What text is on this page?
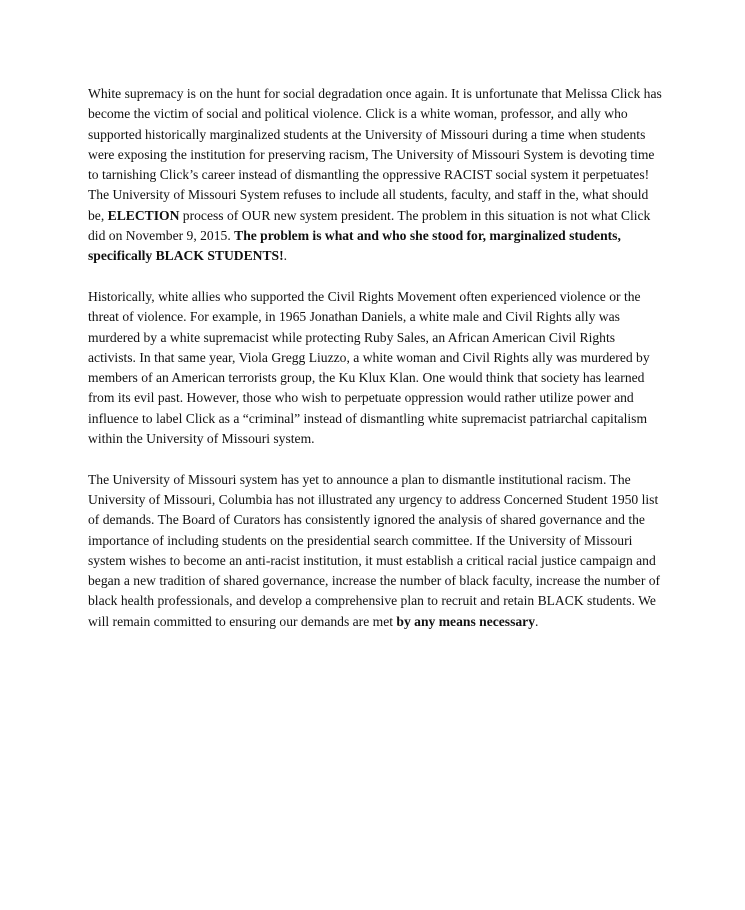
White supremacy is on the hunt for social degradation once again. It is unfortunate that Melissa Click has become the victim of social and political violence. Click is a white woman, professor, and ally who supported historically marginalized students at the University of Missouri during a time when students were exposing the institution for preserving racism, The University of Missouri System is devoting time to tarnishing Click’s career instead of dismantling the oppressive RACIST social system it perpetuates! The University of Missouri System refuses to include all students, faculty, and staff in the, what should be, ELECTION process of OUR new system president. The problem in this situation is not what Click did on November 9, 2015. The problem is what and who she stood for, marginalized students, specifically BLACK STUDENTS!.

Historically, white allies who supported the Civil Rights Movement often experienced violence or the threat of violence. For example, in 1965 Jonathan Daniels, a white male and Civil Rights ally was murdered by a white supremacist while protecting Ruby Sales, an African American Civil Rights activists. In that same year, Viola Gregg Liuzzo, a white woman and Civil Rights ally was murdered by members of an American terrorists group, the Ku Klux Klan. One would think that society has learned from its evil past. However, those who wish to perpetuate oppression would rather utilize power and influence to label Click as a “criminal” instead of dismantling white supremacist patriarchal capitalism within the University of Missouri system.

The University of Missouri system has yet to announce a plan to dismantle institutional racism. The University of Missouri, Columbia has not illustrated any urgency to address Concerned Student 1950 list of demands. The Board of Curators has consistently ignored the analysis of shared governance and the importance of including students on the presidential search committee. If the University of Missouri system wishes to become an anti-racist institution, it must establish a critical racial justice campaign and began a new tradition of shared governance, increase the number of black faculty, increase the number of black health professionals, and develop a comprehensive plan to recruit and retain BLACK students. We will remain committed to ensuring our demands are met by any means necessary.
